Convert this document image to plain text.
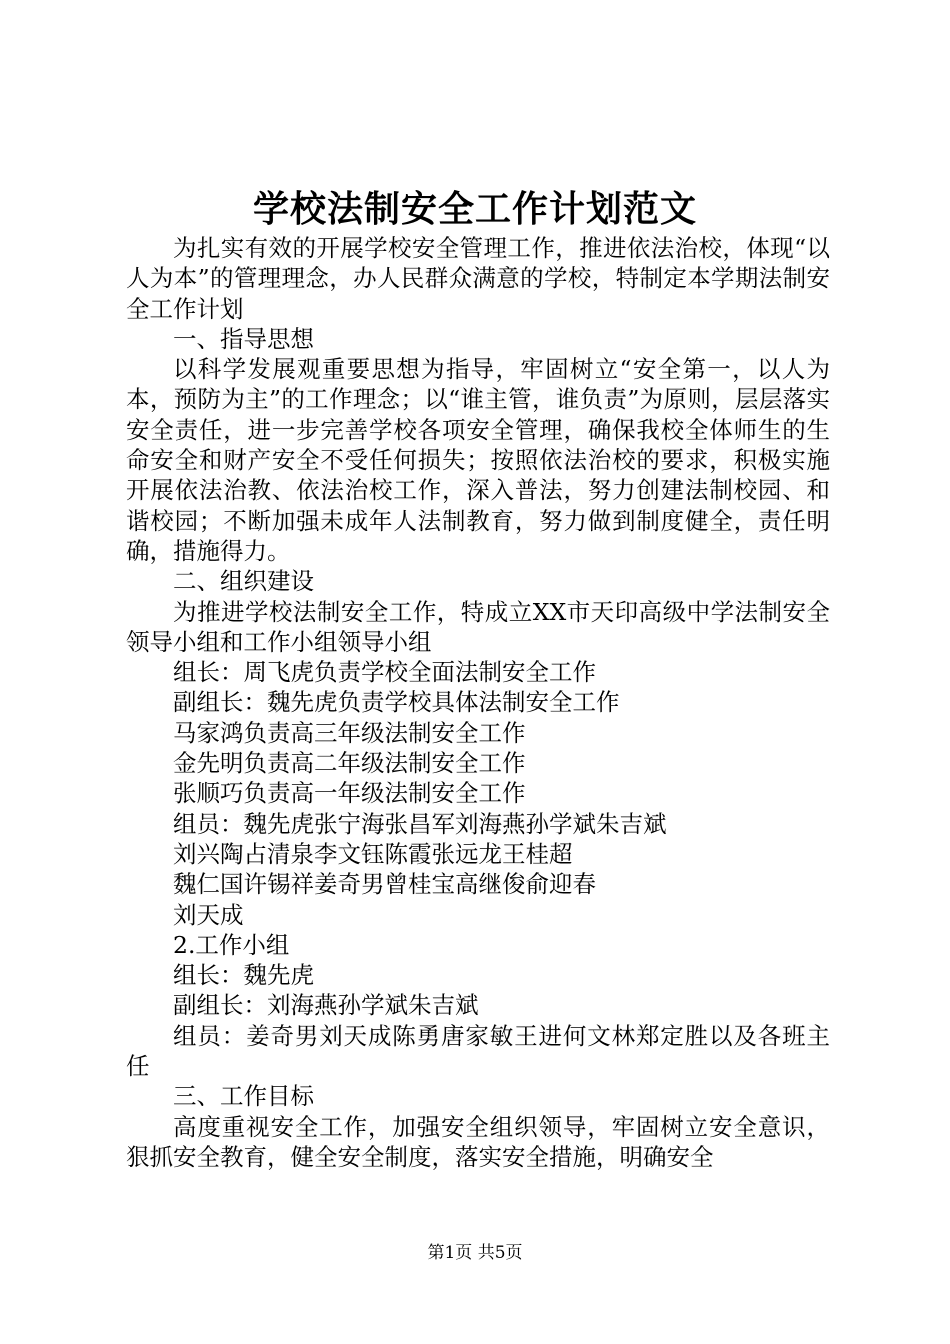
学校法制安全工作计划范文

为扎实有效的开展学校安全管理工作，推进依法治校，体现“以人为本”的管理理念，办人民群众满意的学校，特制定本学期法制安全工作计划

一、指导思想

以科学发展观重要思想为指导，牢固树立“安全第一，以人为本，预防为主”的工作理念；以“谁主管，谁负责”为原则，层层落实安全责任，进一步完善学校各项安全管理，确保我校全体师生的生命安全和财产安全不受任何损失；按照依法治校的要求，积极实施开展依法治教、依法治校工作，深入普法，努力创建法制校园、和谐校园；不断加强未成年人法制教育，努力做到制度健全，责任明确，措施得力。

二、组织建设

为推进学校法制安全工作，特成立XX市天印高级中学法制安全领导小组和工作小组领导小组

组长：周飞虎负责学校全面法制安全工作

副组长：魏先虎负责学校具体法制安全工作

马家鸿负责高三年级法制安全工作

金先明负责高二年级法制安全工作

张顺巧负责高一年级法制安全工作

组员：魏先虎张宁海张昌军刘海燕孙学斌朱吉斌

刘兴陶占清泉李文钰陈霞张远龙王桂超

魏仁国许锡祥姜奇男曾桂宝高继俊俞迎春

刘天成

2.工作小组

组长：魏先虎

副组长：刘海燕孙学斌朱吉斌

组员：姜奇男刘天成陈勇唐家敏王进何文林郑定胜以及各班主任

三、工作目标

高度重视安全工作，加强安全组织领导，牢固树立安全意识，狠抓安全教育，健全安全制度，落实安全措施，明确安全

第1页 共5页
